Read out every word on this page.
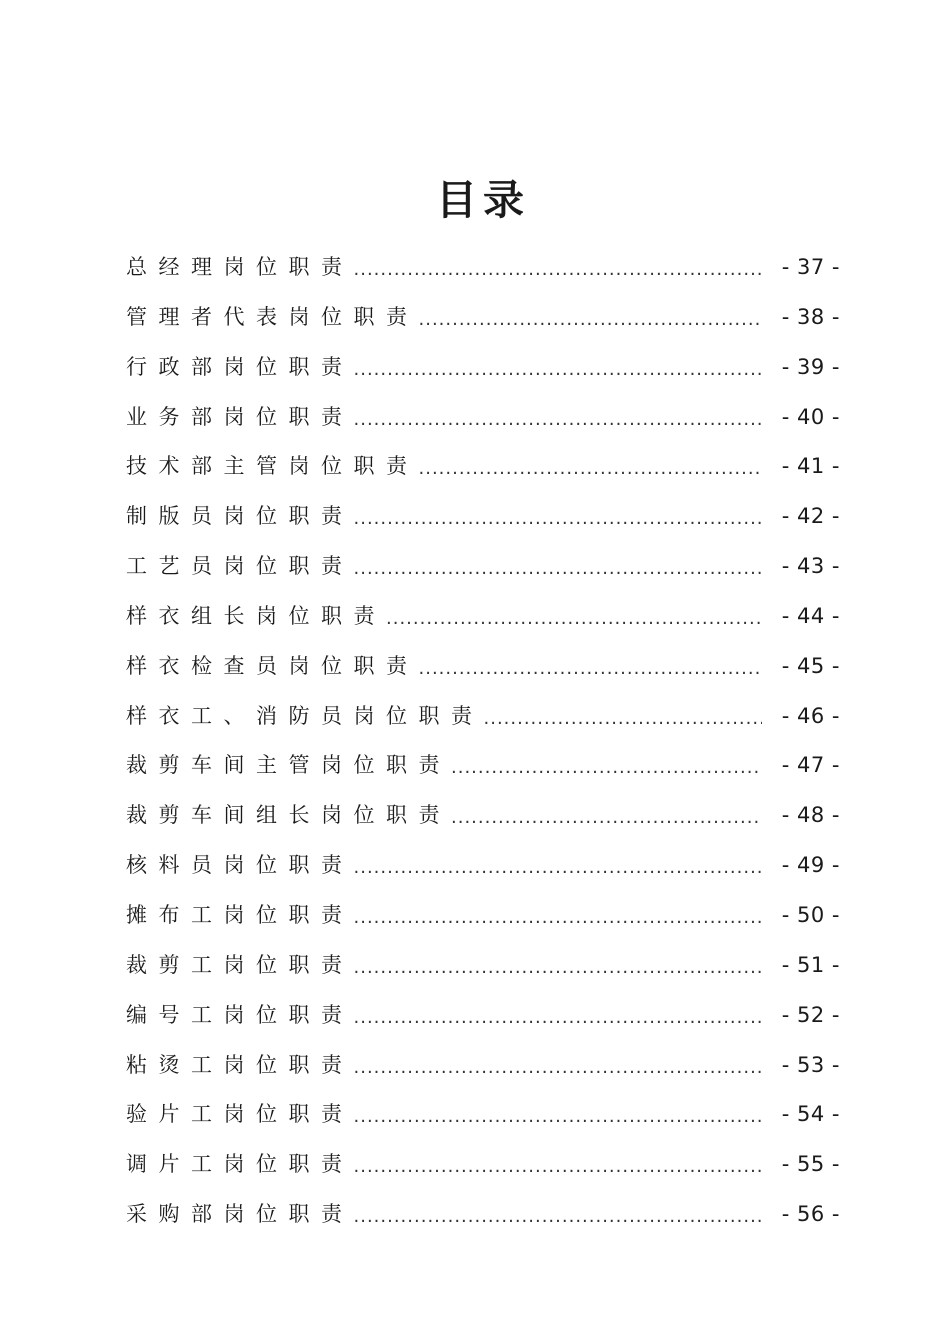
目录
总经理岗位职责 .....	- 37 -
管理者代表岗位职责 .....	- 38 -
行政部岗位职责 .....	- 39 -
业务部岗位职责 .....	- 40 -
技术部主管岗位职责 .....	- 41 -
制版员岗位职责 .....	- 42 -
工艺员岗位职责 .....	- 43 -
样衣组长岗位职责 .....	- 44 -
样衣检查员岗位职责 .....	- 45 -
样衣工、消防员岗位职责 .....	- 46 -
裁剪车间主管岗位职责 .....	- 47 -
裁剪车间组长岗位职责 .....	- 48 -
核料员岗位职责 .....	- 49 -
摊布工岗位职责 .....	- 50 -
裁剪工岗位职责 .....	- 51 -
编号工岗位职责 .....	- 52 -
粘烫工岗位职责 .....	- 53 -
验片工岗位职责 .....	- 54 -
调片工岗位职责 .....	- 55 -
采购部岗位职责 .....	- 56 -
